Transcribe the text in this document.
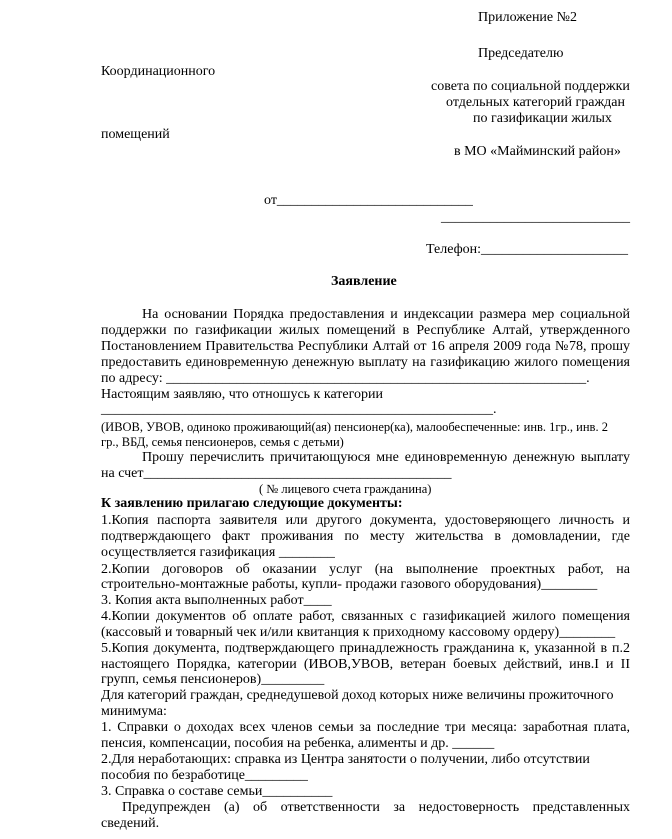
Приложение №2
Председателю
Координационного
совета по социальной поддержки
отдельных категорий граждан
по газификации жилых
помещений
в МО «Майминский район»
от____________________________
___________________________
Телефон:_____________________
Заявление
На основании Порядка предоставления и индексации размера мер социальной
поддержки по газификации жилых помещений в Республике Алтай, утвержденного
Постановлением Правительства Республики Алтай от 16 апреля 2009 года №78, прошу
предоставить единовременную денежную выплату на газификацию жилого помещения
по адресу: ____________________________________________________________.
Настоящим заявляю, что отношусь к категории
________________________________________________________.
(ИВОВ, УВОВ, одиноко проживающий(ая) пенсионер(ка), малообеспеченные: инв. 1гр., инв. 2
гр., ВБД, семья пенсионеров, семья с детьми)
Прошу перечислить причитающуюся мне единовременную денежную выплату
на счет____________________________________________
( № лицевого счета гражданина)
К заявлению прилагаю следующие документы:
1.Копия паспорта заявителя или другого документа, удостоверяющего личность и
подтверждающего факт проживания по месту жительства в домовладении, где
осуществляется газификация ________
2.Копии договоров об оказании услуг (на выполнение проектных работ, на
строительно-монтажные работы, купли- продажи газового оборудования)________
3. Копия акта выполненных работ____
4.Копии документов об оплате работ, связанных с газификацией жилого помещения
(кассовый и товарный чек и/или квитанция к приходному кассовому ордеру)________
5.Копия документа, подтверждающего принадлежность гражданина к, указанной в п.2
настоящего Порядка, категории (ИВОВ,УВОВ, ветеран боевых действий, инв.I и II
групп, семья пенсионеров)_________
Для категорий граждан, среднедушевой доход которых ниже величины прожиточного
минимума:
1. Справки о доходах всех членов семьи за последние три месяца: заработная плата,
пенсия, компенсации, пособия на ребенка, алименты и др. ______
2.Для неработающих: справка из Центра занятости о получении, либо отсутствии
пособия по безработице_________
3. Справка о составе семьи__________
Предупрежден (а) об ответственности за недостоверность представленных
сведений.
